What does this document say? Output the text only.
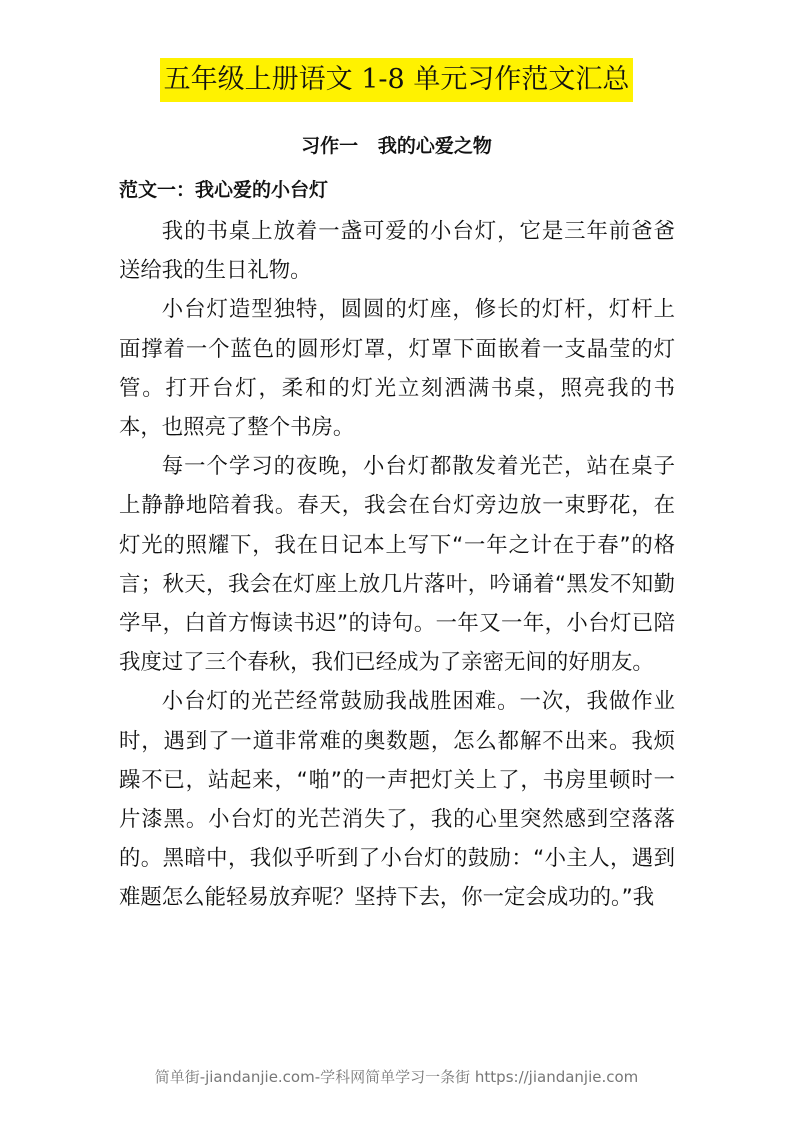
五年级上册语文 1-8 单元习作范文汇总
习作一   我的心爱之物
范文一：我心爱的小台灯

我的书桌上放着一盏可爱的小台灯，它是三年前爸爸送给我的生日礼物。

小台灯造型独特，圆圆的灯座，修长的灯杆，灯杆上面撑着一个蓝色的圆形灯罩，灯罩下面嵌着一支晶莹的灯管。打开台灯，柔和的灯光立刻洒满书桌，照亮我的书本，也照亮了整个书房。

每一个学习的夜晚，小台灯都散发着光芒，站在桌子上静静地陪着我。春天，我会在台灯旁边放一束野花，在灯光的照耀下，我在日记本上写下“一年之计在于春”的格言；秋天，我会在灯座上放几片落叶，吟诵着“黑发不知勤学早，白首方悔读书迟”的诗句。一年又一年，小台灯已陪我度过了三个春秋，我们已经成为了亲密无间的好朋友。

小台灯的光芒经常鼓励我战胜困难。一次，我做作业时，遇到了一道非常难的奥数题，怎么都解不出来。我烦躁不已，站起来，“啪”的一声把灯关上了，书房里顿时一片漆黑。小台灯的光芒消失了，我的心里突然感到空落落的。黑暗中，我似乎听到了小台灯的鼓励：“小主人，遇到难题怎么能轻易放弃呢？坚持下去，你一定会成功的。”我

简单街-jiandanjie.com-学科网简单学习一条街 https://jiandanjie.com
